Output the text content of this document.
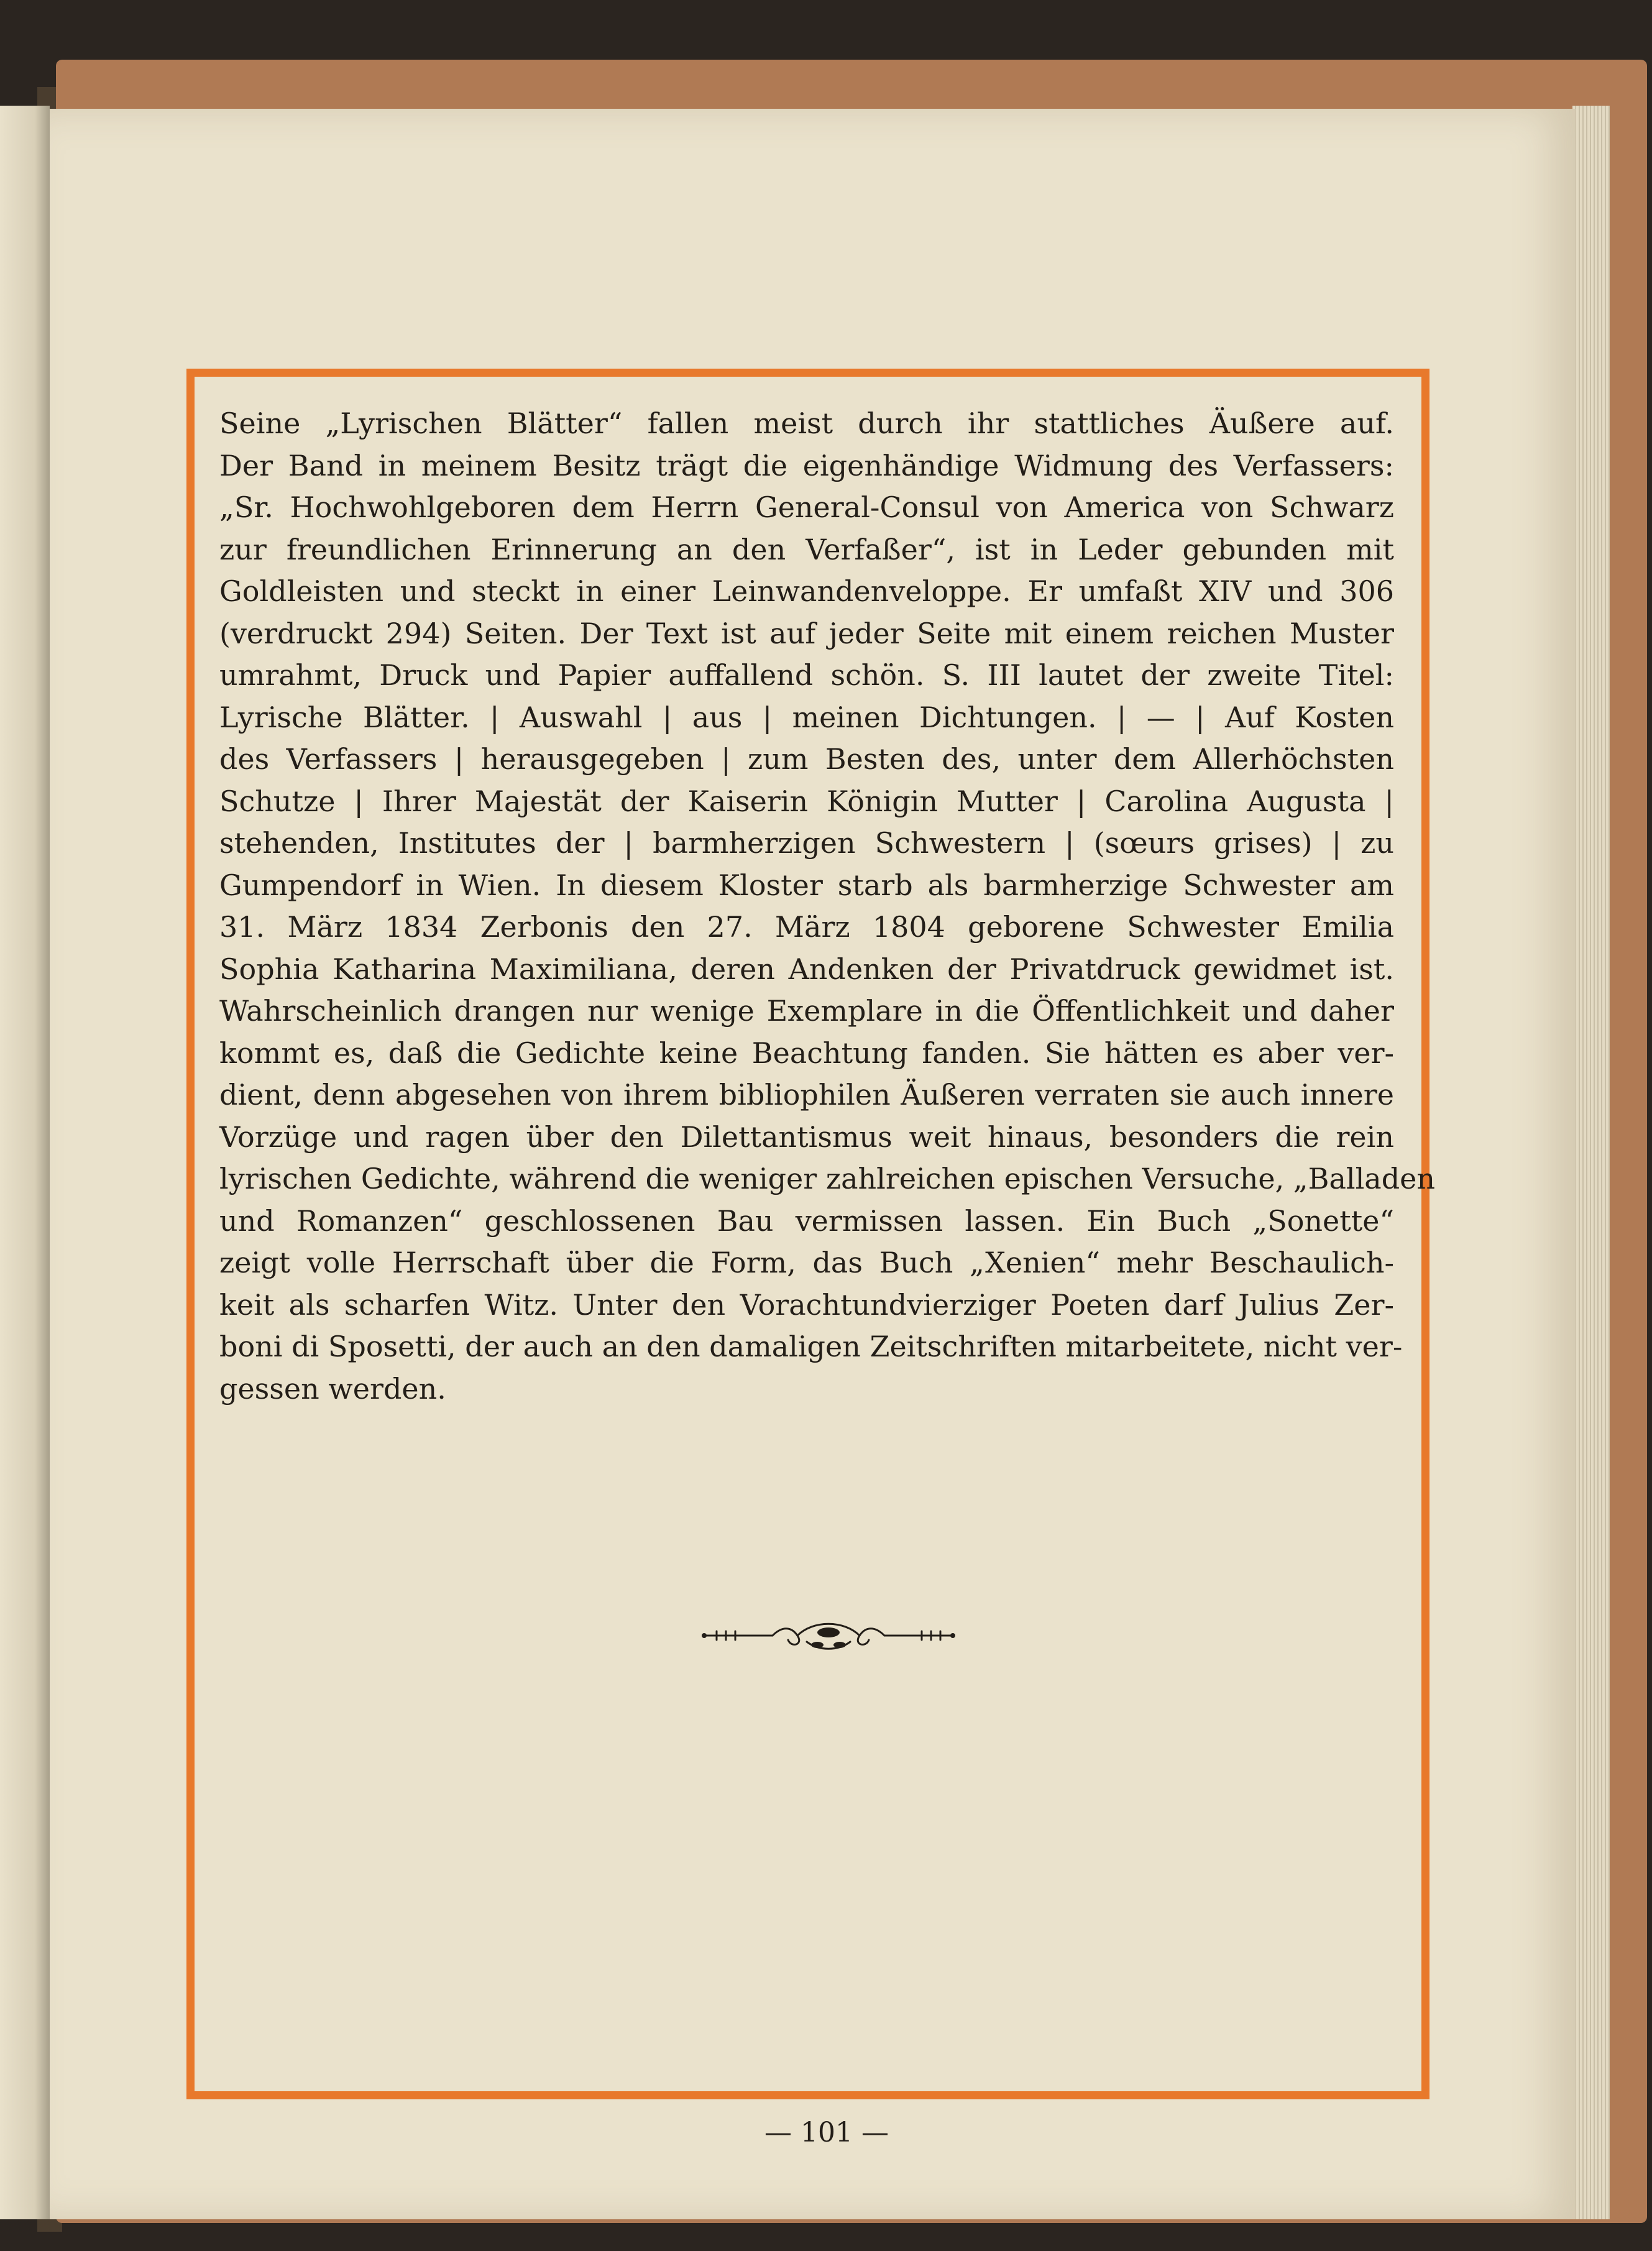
Seine „Lyrischen Blätter“ fallen meist durch ihr stattliches Äußere auf.
Der Band in meinem Besitz trägt die eigenhändige Widmung des Verfassers:
„Sr. Hochwohlgeboren dem Herrn General-Consul von America von Schwarz
zur freundlichen Erinnerung an den Verfaßer“, ist in Leder gebunden mit
Goldleisten und steckt in einer Leinwandenveloppe. Er umfaßt XIV und 306
(verdruckt 294) Seiten. Der Text ist auf jeder Seite mit einem reichen Muster
umrahmt, Druck und Papier auffallend schön. S. III lautet der zweite Titel:
Lyrische Blätter. | Auswahl | aus | meinen Dichtungen. | — | Auf Kosten
des Verfassers | herausgegeben | zum Besten des, unter dem Allerhöchsten
Schutze | Ihrer Majestät der Kaiserin Königin Mutter | Carolina Augusta |
stehenden, Institutes der | barmherzigen Schwestern | (sœurs grises) | zu
Gumpendorf in Wien. In diesem Kloster starb als barmherzige Schwester am
31. März 1834 Zerbonis den 27. März 1804 geborene Schwester Emilia
Sophia Katharina Maximiliana, deren Andenken der Privatdruck gewidmet ist.
Wahrscheinlich drangen nur wenige Exemplare in die Öffentlichkeit und daher
kommt es, daß die Gedichte keine Beachtung fanden. Sie hätten es aber ver-
dient, denn abgesehen von ihrem bibliophilen Äußeren verraten sie auch innere
Vorzüge und ragen über den Dilettantismus weit hinaus, besonders die rein
lyrischen Gedichte, während die weniger zahlreichen epischen Versuche, „Balladen
und Romanzen“ geschlossenen Bau vermissen lassen. Ein Buch „Sonette“
zeigt volle Herrschaft über die Form, das Buch „Xenien“ mehr Beschaulich-
keit als scharfen Witz. Unter den Vorachtundvierziger Poeten darf Julius Zer-
boni di Sposetti, der auch an den damaligen Zeitschriften mitarbeitete, nicht ver-
gessen werden.
— 101 —
